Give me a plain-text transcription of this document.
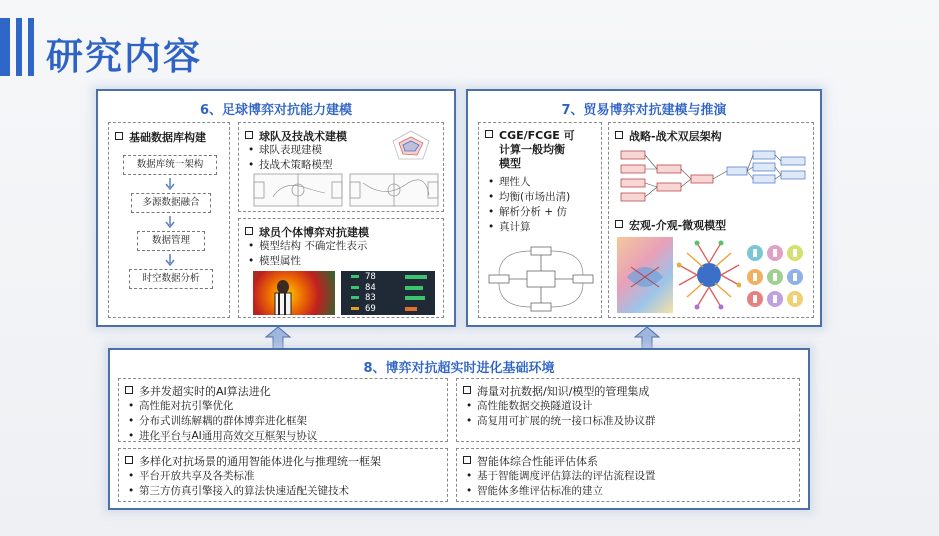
研究内容
6、足球博弈对抗能力建模
基础数据库构建
数据库统一架构
多源数据融合
数据管理
时空数据分析
球队及技战术建模
• 球队表现建模
• 技战术策略模型
球员个体博弈对抗建模
• 模型结构 不确定性表示
• 模型属性
78
84
83
69
7、贸易博弈对抗建模与推演
CGE/FCGE 可
计算一般均衡
模型
• 理性人
• 均衡(市场出清)
• 解析分析 + 仿
• 真计算
战略-战术双层架构
宏观-介观-微观模型
8、博弈对抗超实时进化基础环境
多并发超实时的AI算法进化
• 高性能对抗引擎优化
• 分布式训练解耦的群体博弈进化框架
• 进化平台与AI通用高效交互框架与协议
海量对抗数据/知识/模型的管理集成
• 高性能数据交换隧道设计
• 高复用可扩展的统一接口标准及协议群
多样化对抗场景的通用智能体进化与推理统一框架
• 平台开放共享及各类标准
• 第三方仿真引擎接入的算法快速适配关键技术
智能体综合性能评估体系
• 基于智能调度评估算法的评估流程设置
• 智能体多维评估标准的建立
